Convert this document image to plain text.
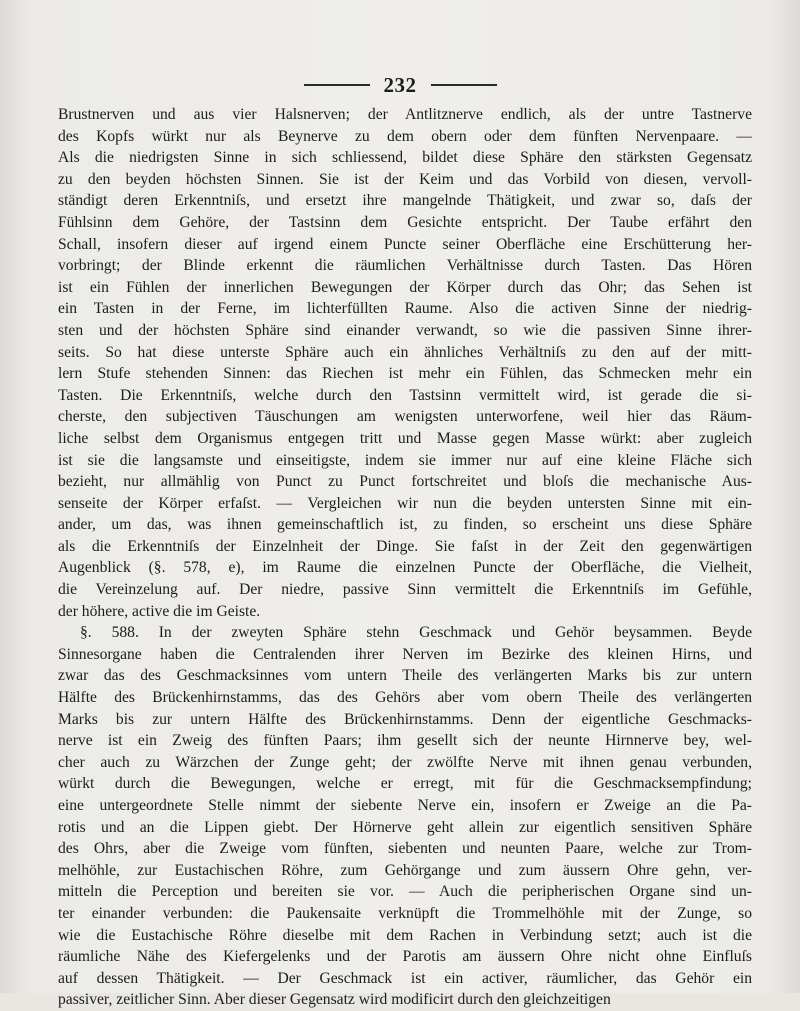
232
Brustnerven und aus vier Halsnerven; der Antlitznerve endlich, als der untre Tastnerve
des Kopfs würkt nur als Beynerve zu dem obern oder dem fünften Nervenpaare. —
Als die niedrigsten Sinne in sich schliessend, bildet diese Sphäre den stärksten Gegensatz
zu den beyden höchsten Sinnen. Sie ist der Keim und das Vorbild von diesen, vervoll-
ständigt deren Erkenntniſs, und ersetzt ihre mangelnde Thätigkeit, und zwar so, daſs der
Fühlsinn dem Gehöre, der Tastsinn dem Gesichte entspricht. Der Taube erfährt den
Schall, insofern dieser auf irgend einem Puncte seiner Oberfläche eine Erschütterung her-
vorbringt; der Blinde erkennt die räumlichen Verhältnisse durch Tasten. Das Hören
ist ein Fühlen der innerlichen Bewegungen der Körper durch das Ohr; das Sehen ist
ein Tasten in der Ferne, im lichterfüllten Raume. Also die activen Sinne der niedrig-
sten und der höchsten Sphäre sind einander verwandt, so wie die passiven Sinne ihrer-
seits. So hat diese unterste Sphäre auch ein ähnliches Verhältniſs zu den auf der mitt-
lern Stufe stehenden Sinnen: das Riechen ist mehr ein Fühlen, das Schmecken mehr ein
Tasten. Die Erkenntniſs, welche durch den Tastsinn vermittelt wird, ist gerade die si-
cherste, den subjectiven Täuschungen am wenigsten unterworfene, weil hier das Räum-
liche selbst dem Organismus entgegen tritt und Masse gegen Masse würkt: aber zugleich
ist sie die langsamste und einseitigste, indem sie immer nur auf eine kleine Fläche sich
bezieht, nur allmählig von Punct zu Punct fortschreitet und bloſs die mechanische Aus-
senseite der Körper erfaſst. — Vergleichen wir nun die beyden untersten Sinne mit ein-
ander, um das, was ihnen gemeinschaftlich ist, zu finden, so erscheint uns diese Sphäre
als die Erkenntniſs der Einzelnheit der Dinge. Sie faſst in der Zeit den gegenwärtigen
Augenblick (§. 578, e), im Raume die einzelnen Puncte der Oberfläche, die Vielheit,
die Vereinzelung auf. Der niedre, passive Sinn vermittelt die Erkenntniſs im Gefühle,
der höhere, active die im Geiste.
§. 588. In der zweyten Sphäre stehn Geschmack und Gehör beysammen. Beyde
Sinnesorgane haben die Centralenden ihrer Nerven im Bezirke des kleinen Hirns, und
zwar das des Geschmacksinnes vom untern Theile des verlängerten Marks bis zur untern
Hälfte des Brückenhirnstamms, das des Gehörs aber vom obern Theile des verlängerten
Marks bis zur untern Hälfte des Brückenhirnstamms. Denn der eigentliche Geschmacks-
nerve ist ein Zweig des fünften Paars; ihm gesellt sich der neunte Hirnnerve bey, wel-
cher auch zu Wärzchen der Zunge geht; der zwölfte Nerve mit ihnen genau verbunden,
würkt durch die Bewegungen, welche er erregt, mit für die Geschmacksempfindung;
eine untergeordnete Stelle nimmt der siebente Nerve ein, insofern er Zweige an die Pa-
rotis und an die Lippen giebt. Der Hörnerve geht allein zur eigentlich sensitiven Sphäre
des Ohrs, aber die Zweige vom fünften, siebenten und neunten Paare, welche zur Trom-
melhöhle, zur Eustachischen Röhre, zum Gehörgange und zum äussern Ohre gehn, ver-
mitteln die Perception und bereiten sie vor. — Auch die peripherischen Organe sind un-
ter einander verbunden: die Paukensaite verknüpft die Trommelhöhle mit der Zunge, so
wie die Eustachische Röhre dieselbe mit dem Rachen in Verbindung setzt; auch ist die
räumliche Nähe des Kiefergelenks und der Parotis am äussern Ohre nicht ohne Einfluſs
auf dessen Thätigkeit. — Der Geschmack ist ein activer, räumlicher, das Gehör ein
passiver, zeitlicher Sinn. Aber dieser Gegensatz wird modificirt durch den gleichzeitigen
